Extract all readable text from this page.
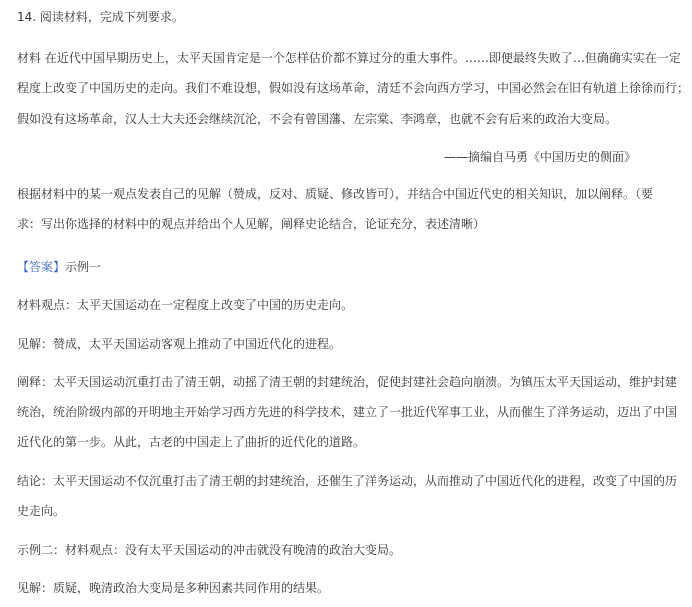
14. 阅读材料，完成下列要求。
材料 在近代中国早期历史上，太平天国肯定是一个怎样估价都不算过分的重大事件。……即便最终失败了…但确确实实在一定
程度上改变了中国历史的走向。我们不难设想，假如没有这场革命，清廷不会向西方学习，中国必然会在旧有轨道上徐徐而行；
假如没有这场革命，汉人士大夫还会继续沉沦，不会有曾国藩、左宗棠、李鸿章，也就不会有后来的政治大变局。
——摘编自马勇《中国历史的侧面》
根据材料中的某一观点发表自己的见解（赞成，反对、质疑、修改皆可），并结合中国近代史的相关知识，加以阐释。（要
求：写出你选择的材料中的观点并给出个人见解，阐释史论结合，论证充分，表述清晰）
【答案】示例一
材料观点：太平天国运动在一定程度上改变了中国的历史走向。
见解：赞成，太平天国运动客观上推动了中国近代化的进程。
阐释：太平天国运动沉重打击了清王朝，动摇了清王朝的封建统治，促使封建社会趋向崩溃。为镇压太平天国运动，维护封建
统治，统治阶级内部的开明地主开始学习西方先进的科学技术，建立了一批近代军事工业，从而催生了洋务运动，迈出了中国
近代化的第一步。从此，古老的中国走上了曲折的近代化的道路。
结论：太平天国运动不仅沉重打击了清王朝的封建统治，还催生了洋务运动，从而推动了中国近代化的进程，改变了中国的历
史走向。
示例二：材料观点：没有太平天国运动的冲击就没有晚清的政治大变局。
见解：质疑，晚清政治大变局是多种因素共同作用的结果。
